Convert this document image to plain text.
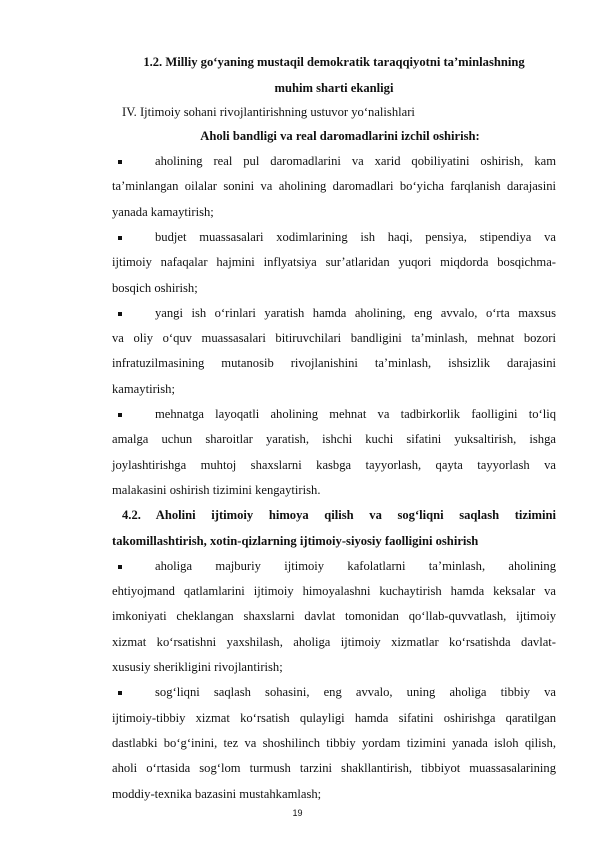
1.2. Milliy go‘yaning mustaqil demokratik taraqqiyotni ta’minlashning
muhim sharti ekanligi
IV. Ijtimoiy sohani rivojlantirishning ustuvor yo‘nalishlari
Aholi bandligi va real daromadlarini izchil oshirish:
aholining real pul daromadlarini va xarid qobiliyatini oshirish, kam
ta’minlangan oilalar sonini va aholining daromadlari bo‘yicha farqlanish darajasini
yanada kamaytirish;
budjet muassasalari xodimlarining ish haqi, pensiya, stipendiya va
ijtimoiy nafaqalar hajmini inflyatsiya sur’atlaridan yuqori miqdorda bosqichma-
bosqich oshirish;
yangi ish o‘rinlari yaratish hamda aholining, eng avvalo, o‘rta maxsus
va oliy o‘quv muassasalari bitiruvchilari bandligini ta’minlash, mehnat bozori
infratuzilmasining mutanosib rivojlanishini ta’minlash, ishsizlik darajasini
kamaytirish;
mehnatga layoqatli aholining mehnat va tadbirkorlik faolligini to‘liq
amalga uchun sharoitlar yaratish, ishchi kuchi sifatini yuksaltirish, ishga
joylashtirishga muhtoj shaxslarni kasbga tayyorlash, qayta tayyorlash va
malakasini oshirish tizimini kengaytirish.
4.2. Aholini ijtimoiy himoya qilish va sog‘liqni saqlash tizimini
takomillashtirish, xotin-qizlarning ijtimoiy-siyosiy faolligini oshirish
aholiga majburiy ijtimoiy kafolatlarni ta’minlash, aholining
ehtiyojmand qatlamlarini ijtimoiy himoyalashni kuchaytirish hamda keksalar va
imkoniyati cheklangan shaxslarni davlat tomonidan qo‘llab-quvvatlash, ijtimoiy
xizmat ko‘rsatishni yaxshilash, aholiga ijtimoiy xizmatlar ko‘rsatishda davlat-
xususiy sherikligini rivojlantirish;
sog‘liqni saqlash sohasini, eng avvalo, uning aholiga tibbiy va
ijtimoiy-tibbiy xizmat ko‘rsatish qulayligi hamda sifatini oshirishga qaratilgan
dastlabki bo‘g‘inini, tez va shoshilinch tibbiy yordam tizimini yanada isloh qilish,
aholi o‘rtasida sog‘lom turmush tarzini shakllantirish, tibbiyot muassasalarining
moddiy-texnika bazasini mustahkamlash;
19
